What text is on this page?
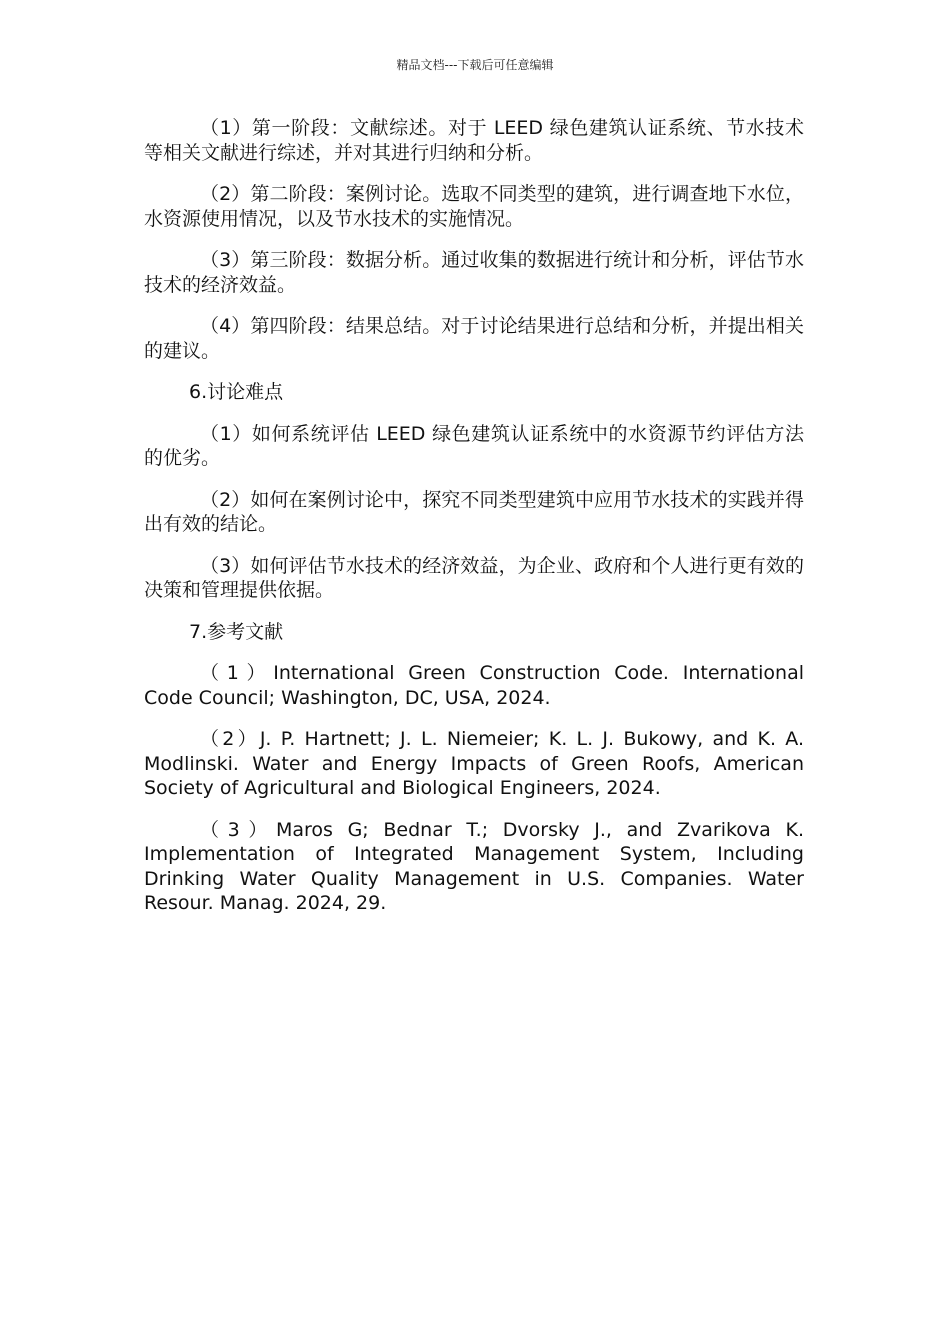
精品文档---下载后可任意编辑

（1）第一阶段：文献综述。对于 LEED 绿色建筑认证系统、节水技术等相关文献进行综述，并对其进行归纳和分析。

（2）第二阶段：案例讨论。选取不同类型的建筑，进行调查地下水位，水资源使用情况，以及节水技术的实施情况。

（3）第三阶段：数据分析。通过收集的数据进行统计和分析，评估节水技术的经济效益。

（4）第四阶段：结果总结。对于讨论结果进行总结和分析，并提出相关的建议。

6.讨论难点

（1）如何系统评估 LEED 绿色建筑认证系统中的水资源节约评估方法的优劣。

（2）如何在案例讨论中，探究不同类型建筑中应用节水技术的实践并得出有效的结论。

（3）如何评估节水技术的经济效益，为企业、政府和个人进行更有效的决策和管理提供依据。

7.参考文献

（1）International Green Construction Code. International Code Council; Washington, DC, USA, 2024.

（2）J. P. Hartnett; J. L. Niemeier; K. L. J. Bukowy, and K. A. Modlinski. Water and Energy Impacts of Green Roofs, American Society of Agricultural and Biological Engineers, 2024.

（3）Maros G; Bednar T.; Dvorsky J., and Zvarikova K. Implementation of Integrated Management System, Including Drinking Water Quality Management in U.S. Companies. Water Resour. Manag. 2024, 29.
